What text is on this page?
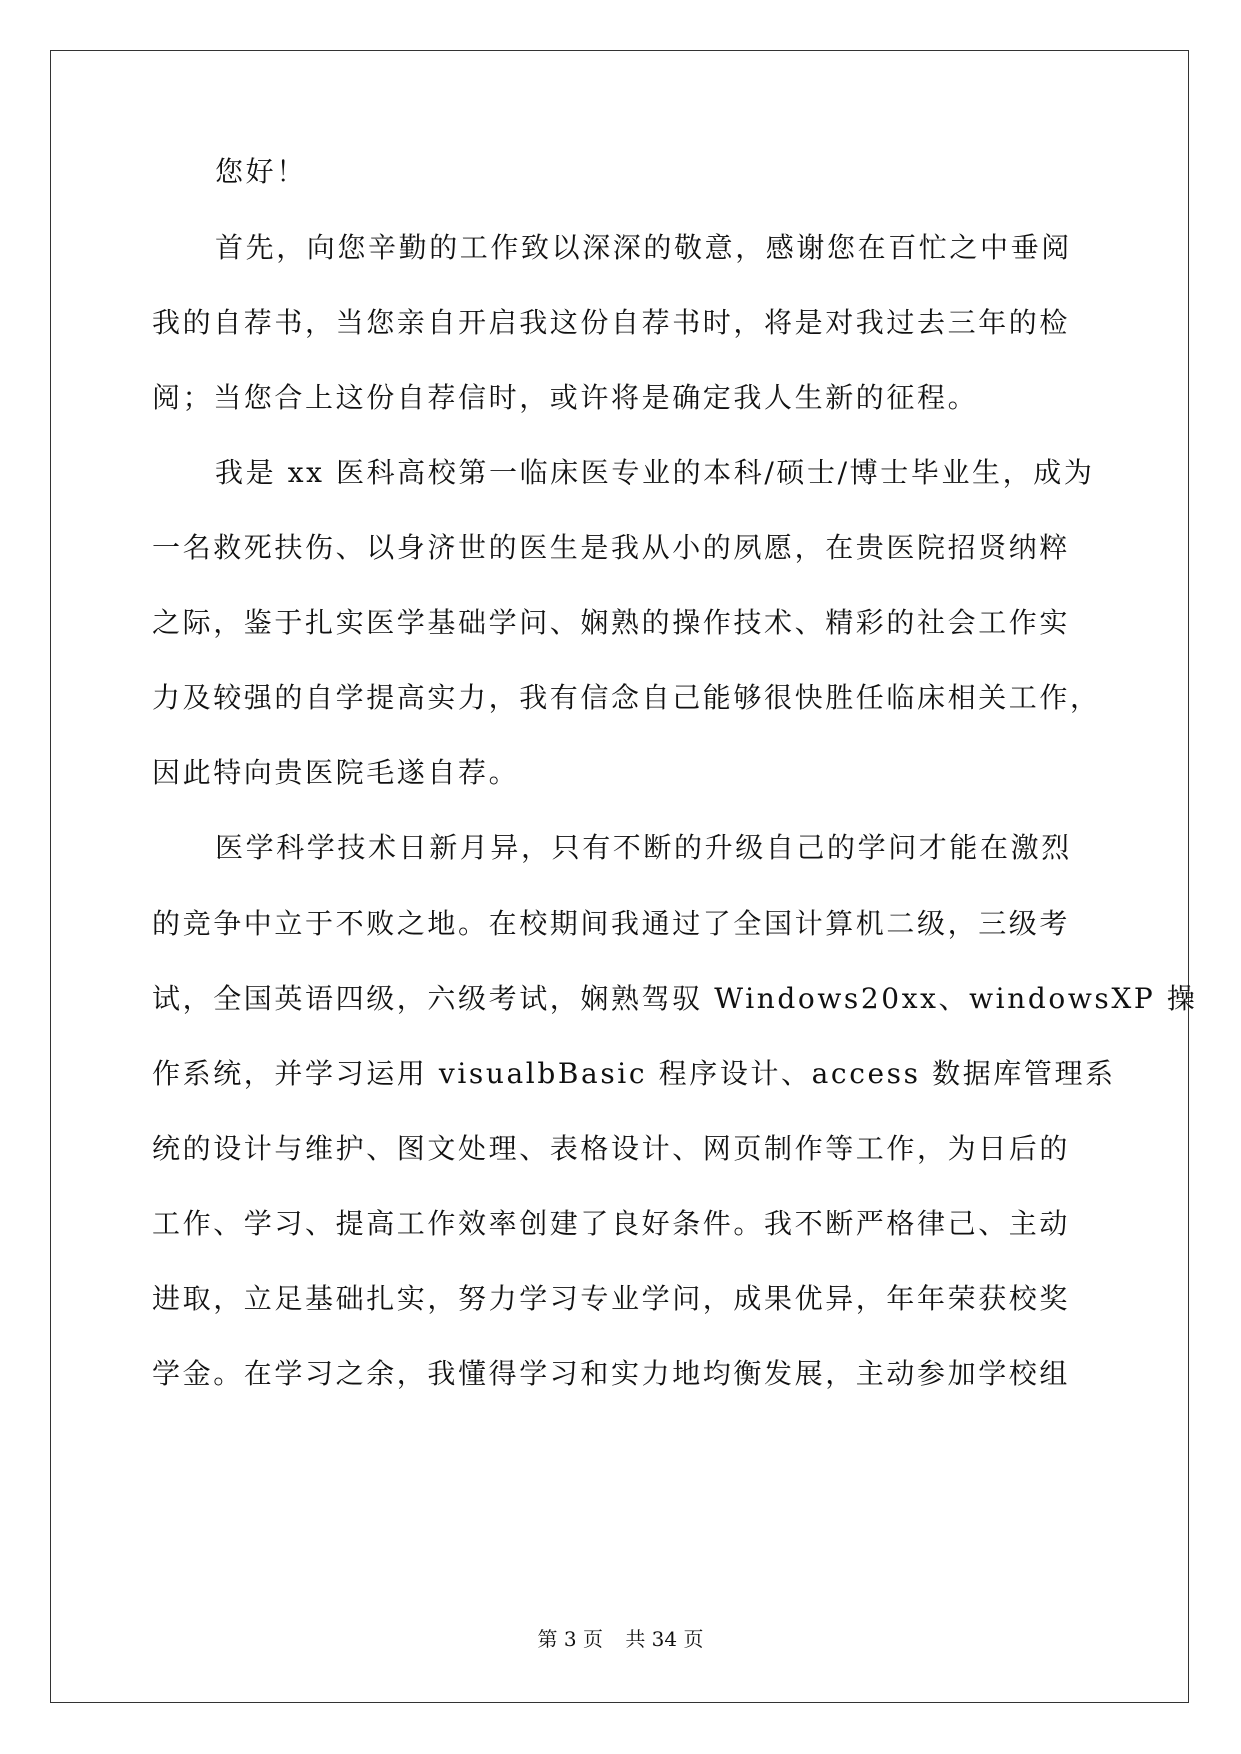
您好！
首先，向您辛勤的工作致以深深的敬意，感谢您在百忙之中垂阅
我的自荐书，当您亲自开启我这份自荐书时，将是对我过去三年的检
阅；当您合上这份自荐信时，或许将是确定我人生新的征程。
我是 xx 医科高校第一临床医专业的本科/硕士/博士毕业生，成为
一名救死扶伤、以身济世的医生是我从小的夙愿，在贵医院招贤纳粹
之际，鉴于扎实医学基础学问、娴熟的操作技术、精彩的社会工作实
力及较强的自学提高实力，我有信念自己能够很快胜任临床相关工作，
因此特向贵医院毛遂自荐。
医学科学技术日新月异，只有不断的升级自己的学问才能在激烈
的竞争中立于不败之地。在校期间我通过了全国计算机二级，三级考
试，全国英语四级，六级考试，娴熟驾驭 Windows20xx、windowsXP 操
作系统，并学习运用 visualbBasic 程序设计、access 数据库管理系
统的设计与维护、图文处理、表格设计、网页制作等工作，为日后的
工作、学习、提高工作效率创建了良好条件。我不断严格律己、主动
进取，立足基础扎实，努力学习专业学问，成果优异，年年荣获校奖
学金。在学习之余，我懂得学习和实力地均衡发展，主动参加学校组
第 3 页 共 34 页
